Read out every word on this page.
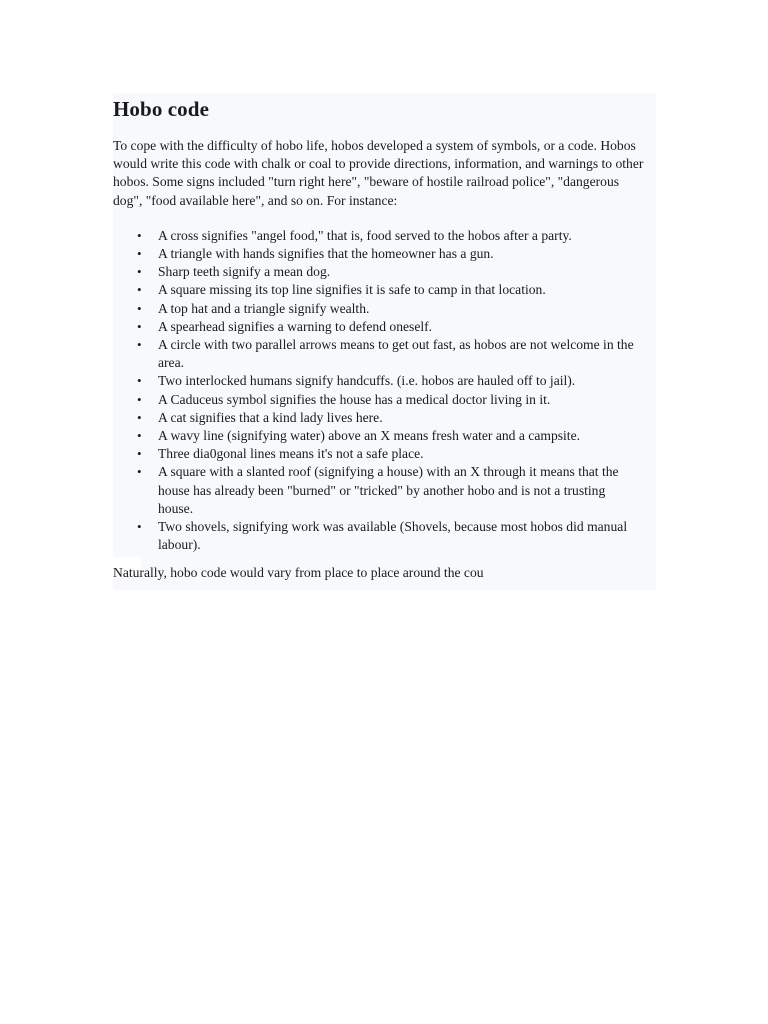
Hobo code

To cope with the difficulty of hobo life, hobos developed a system of symbols, or a code. Hobos would write this code with chalk or coal to provide directions, information, and warnings to other hobos. Some signs included "turn right here", "beware of hostile railroad police", "dangerous dog", "food available here", and so on. For instance:

• A cross signifies "angel food," that is, food served to the hobos after a party.
• A triangle with hands signifies that the homeowner has a gun.
• Sharp teeth signify a mean dog.
• A square missing its top line signifies it is safe to camp in that location.
• A top hat and a triangle signify wealth.
• A spearhead signifies a warning to defend oneself.
• A circle with two parallel arrows means to get out fast, as hobos are not welcome in the area.
• Two interlocked humans signify handcuffs. (i.e. hobos are hauled off to jail).
• A Caduceus symbol signifies the house has a medical doctor living in it.
• A cat signifies that a kind lady lives here.
• A wavy line (signifying water) above an X means fresh water and a campsite.
• Three dia0gonal lines means it's not a safe place.
• A square with a slanted roof (signifying a house) with an X through it means that the house has already been "burned" or "tricked" by another hobo and is not a trusting house.
• Two shovels, signifying work was available (Shovels, because most hobos did manual labour).

Naturally, hobo code would vary from place to place around the cou
